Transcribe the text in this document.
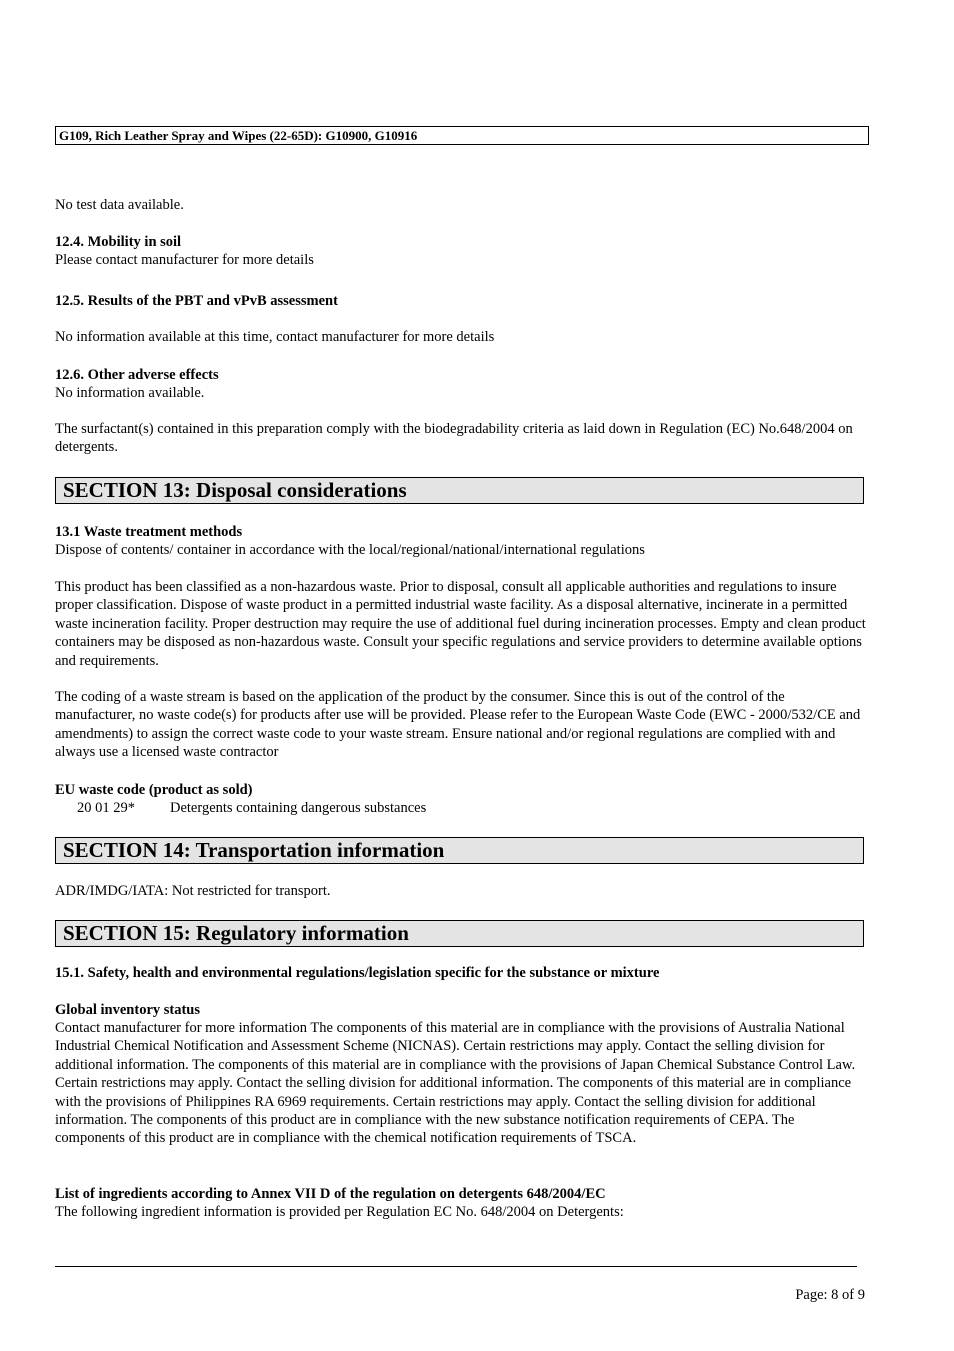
G109, Rich Leather Spray and Wipes (22-65D): G10900, G10916

No test data available.

12.4. Mobility in soil

Please contact manufacturer for more details

12.5. Results of the PBT and vPvB assessment

No information available at this time, contact manufacturer for more details

12.6. Other adverse effects

No information available.

The surfactant(s) contained in this preparation comply with the biodegradability criteria as laid down in Regulation (EC) No.648/2004 on detergents.

SECTION 13: Disposal considerations

13.1 Waste treatment methods

Dispose of contents/ container in accordance with the local/regional/national/international regulations

This product has been classified as a non-hazardous waste. Prior to disposal, consult all applicable authorities and regulations to insure proper classification. Dispose of waste product in a permitted industrial waste facility. As a disposal alternative, incinerate in a permitted waste incineration facility. Proper destruction may require the use of additional fuel during incineration processes. Empty and clean product containers may be disposed as non-hazardous waste. Consult your specific regulations and service providers to determine available options and requirements.

The coding of a waste stream is based on the application of the product by the consumer. Since this is out of the control of the manufacturer, no waste code(s) for products after use will be provided. Please refer to the European Waste Code (EWC - 2000/532/CE and amendments) to assign the correct waste code to your waste stream. Ensure national and/or regional regulations are complied with and always use a licensed waste contractor

EU waste code (product as sold)

20 01 29* Detergents containing dangerous substances
SECTION 14: Transportation information

ADR/IMDG/IATA: Not restricted for transport.

SECTION 15: Regulatory information

15.1. Safety, health and environmental regulations/legislation specific for the substance or mixture

Global inventory status

Contact manufacturer for more information The components of this material are in compliance with the provisions of Australia National Industrial Chemical Notification and Assessment Scheme (NICNAS). Certain restrictions may apply. Contact the selling division for additional information. The components of this material are in compliance with the provisions of Japan Chemical Substance Control Law. Certain restrictions may apply. Contact the selling division for additional information. The components of this material are in compliance with the provisions of Philippines RA 6969 requirements. Certain restrictions may apply. Contact the selling division for additional information. The components of this product are in compliance with the new substance notification requirements of CEPA. The components of this product are in compliance with the chemical notification requirements of TSCA.

List of ingredients according to Annex VII D of the regulation on detergents 648/2004/EC

The following ingredient information is provided per Regulation EC No. 648/2004 on Detergents:

Page: 8 of 9
